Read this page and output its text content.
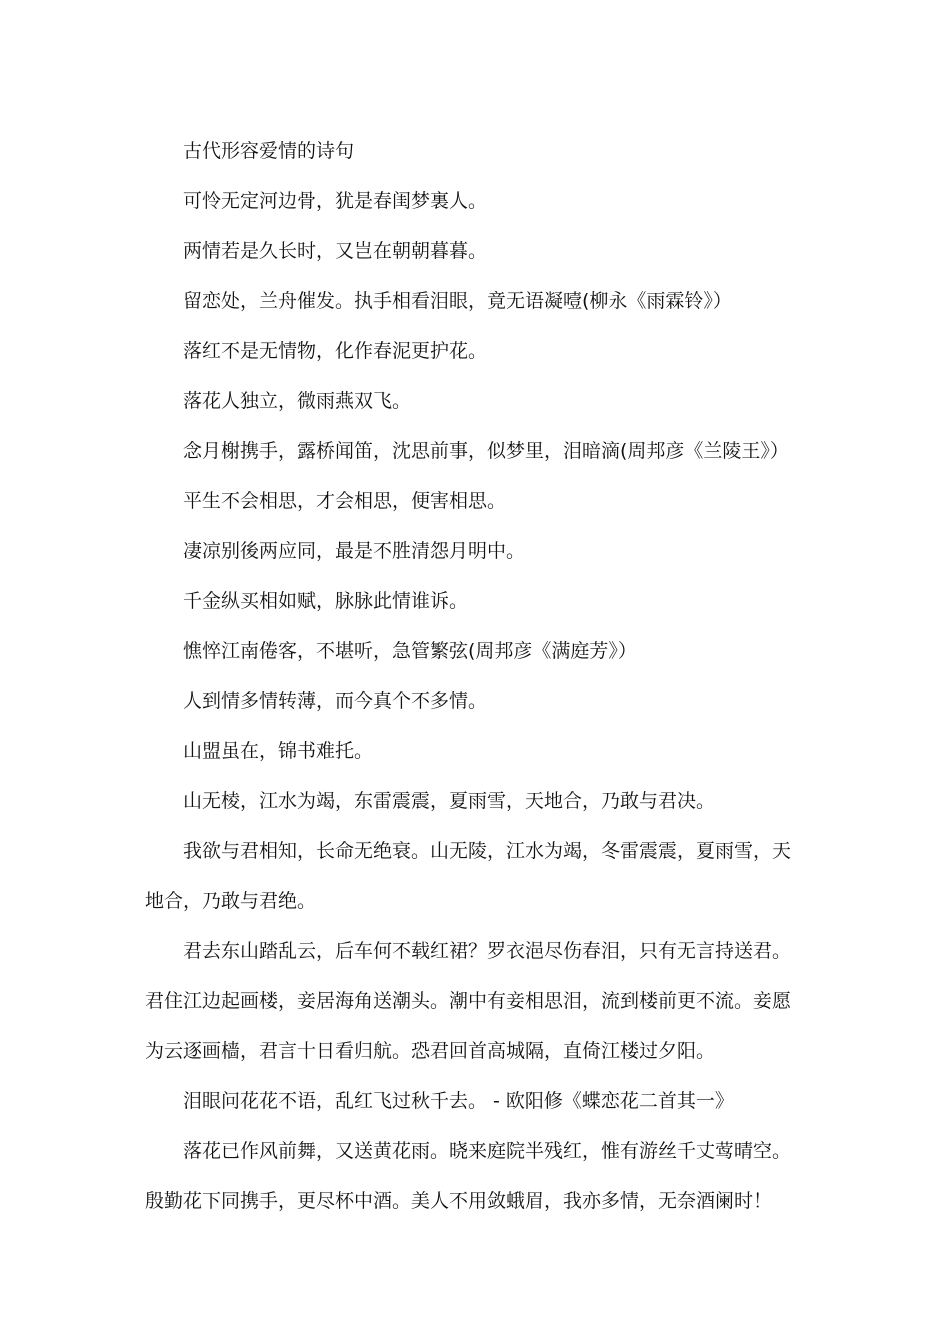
古代形容爱情的诗句

可怜无定河边骨，犹是春闺梦裏人。

两情若是久长时，又岂在朝朝暮暮。

留恋处，兰舟催发。执手相看泪眼，竟无语凝噎(柳永《雨霖铃》）

落红不是无情物，化作春泥更护花。

落花人独立，微雨燕双飞。

念月榭携手，露桥闻笛，沈思前事，似梦里，泪暗滴(周邦彦《兰陵王》）

平生不会相思，才会相思，便害相思。

凄凉别後两应同，最是不胜清怨月明中。

千金纵买相如赋，脉脉此情谁诉。

憔悴江南倦客，不堪听，急管繁弦(周邦彦《满庭芳》）

人到情多情转薄，而今真个不多情。

山盟虽在，锦书难托。

山无棱，江水为竭，东雷震震，夏雨雪，天地合，乃敢与君决。

我欲与君相知，长命无绝衰。山无陵，江水为竭，冬雷震震，夏雨雪，天地合，乃敢与君绝。

君去东山踏乱云，后车何不载红裙？罗衣浥尽伤春泪，只有无言持送君。君住江边起画楼，妾居海角送潮头。潮中有妾相思泪，流到楼前更不流。妾愿为云逐画樯，君言十日看归航。恐君回首高城隔，直倚江楼过夕阳。

泪眼问花花不语，乱红飞过秋千去。 - 欧阳修《蝶恋花二首其一》

落花已作风前舞，又送黄花雨。晓来庭院半残红，惟有游丝千丈莺晴空。殷勤花下同携手，更尽杯中酒。美人不用敛蛾眉，我亦多情，无奈酒阑时！
